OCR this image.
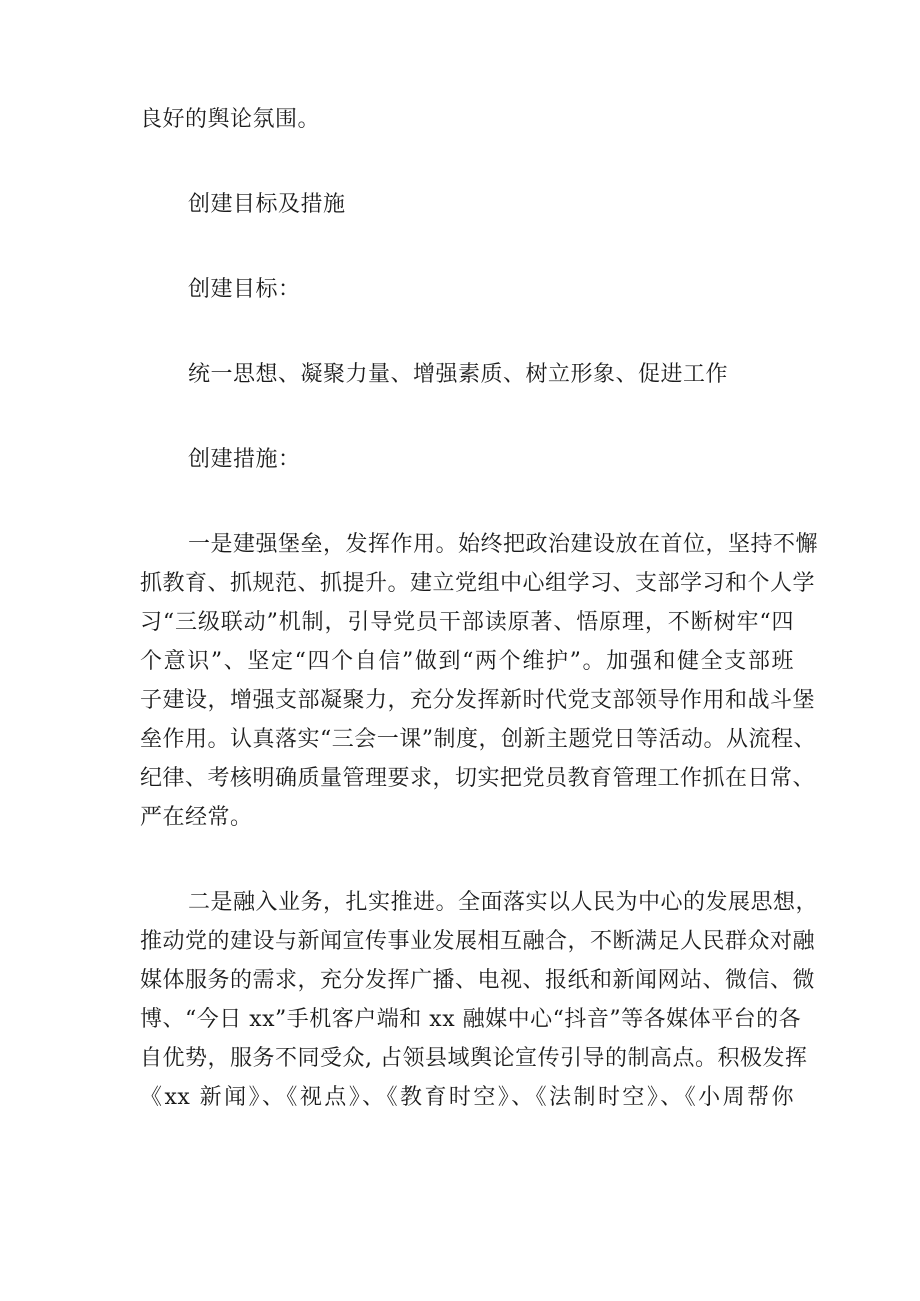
良好的舆论氛围。
创建目标及措施
创建目标：
统一思想、凝聚力量、增强素质、树立形象、促进工作
创建措施：
一是建强堡垒，发挥作用。始终把政治建设放在首位，坚持不懈
抓教育、抓规范、抓提升。建立党组中心组学习、支部学习和个人学
习“三级联动”机制，引导党员干部读原著、悟原理，不断树牢“四
个意识”、坚定“四个自信”做到“两个维护”。加强和健全支部班
子建设，增强支部凝聚力，充分发挥新时代党支部领导作用和战斗堡
垒作用。认真落实“三会一课”制度，创新主题党日等活动。从流程、
纪律、考核明确质量管理要求，切实把党员教育管理工作抓在日常、
严在经常。
二是融入业务，扎实推进。全面落实以人民为中心的发展思想，
推动党的建设与新闻宣传事业发展相互融合，不断满足人民群众对融
媒体服务的需求，充分发挥广播、电视、报纸和新闻网站、微信、微
博、“今日 xx”手机客户端和 xx 融媒中心“抖音”等各媒体平台的各
自优势，服务不同受众, 占领县域舆论宣传引导的制高点。积极发挥
《xx 新闻》、《视点》、《教育时空》、《法制时空》、《小周帮你
